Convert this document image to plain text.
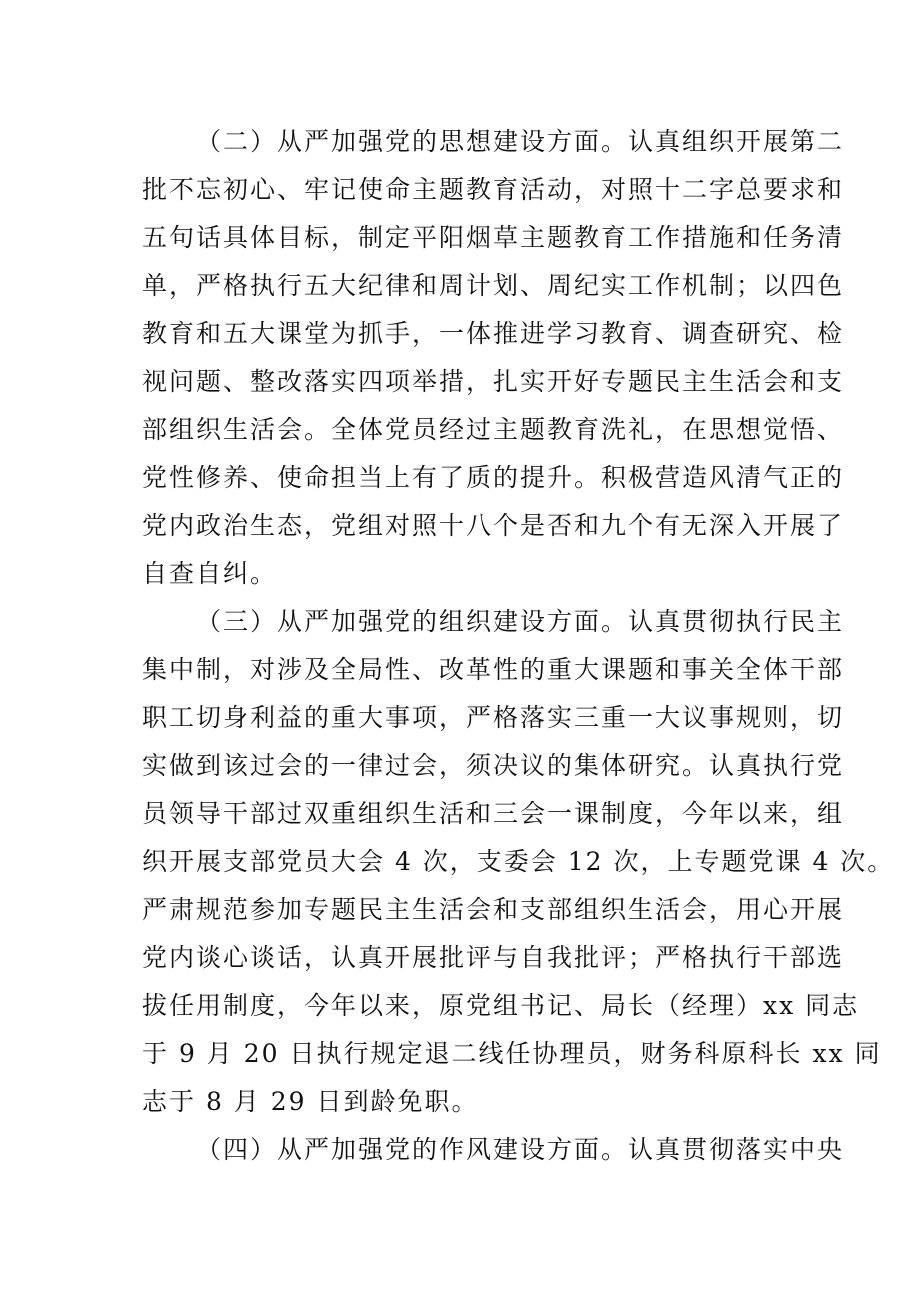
（二）从严加强党的思想建设方面。认真组织开展第二
批不忘初心、牢记使命主题教育活动，对照十二字总要求和
五句话具体目标，制定平阳烟草主题教育工作措施和任务清
单，严格执行五大纪律和周计划、周纪实工作机制；以四色
教育和五大课堂为抓手，一体推进学习教育、调查研究、检
视问题、整改落实四项举措，扎实开好专题民主生活会和支
部组织生活会。全体党员经过主题教育洗礼，在思想觉悟、
党性修养、使命担当上有了质的提升。积极营造风清气正的
党内政治生态，党组对照十八个是否和九个有无深入开展了
自查自纠。
（三）从严加强党的组织建设方面。认真贯彻执行民主
集中制，对涉及全局性、改革性的重大课题和事关全体干部
职工切身利益的重大事项，严格落实三重一大议事规则，切
实做到该过会的一律过会，须决议的集体研究。认真执行党
员领导干部过双重组织生活和三会一课制度，今年以来，组
织开展支部党员大会 4 次，支委会 12 次，上专题党课 4 次。
严肃规范参加专题民主生活会和支部组织生活会，用心开展
党内谈心谈话，认真开展批评与自我批评；严格执行干部选
拔任用制度，今年以来，原党组书记、局长（经理）xx 同志
于 9 月 20 日执行规定退二线任协理员，财务科原科长 xx 同
志于 8 月 29 日到龄免职。
（四）从严加强党的作风建设方面。认真贯彻落实中央
